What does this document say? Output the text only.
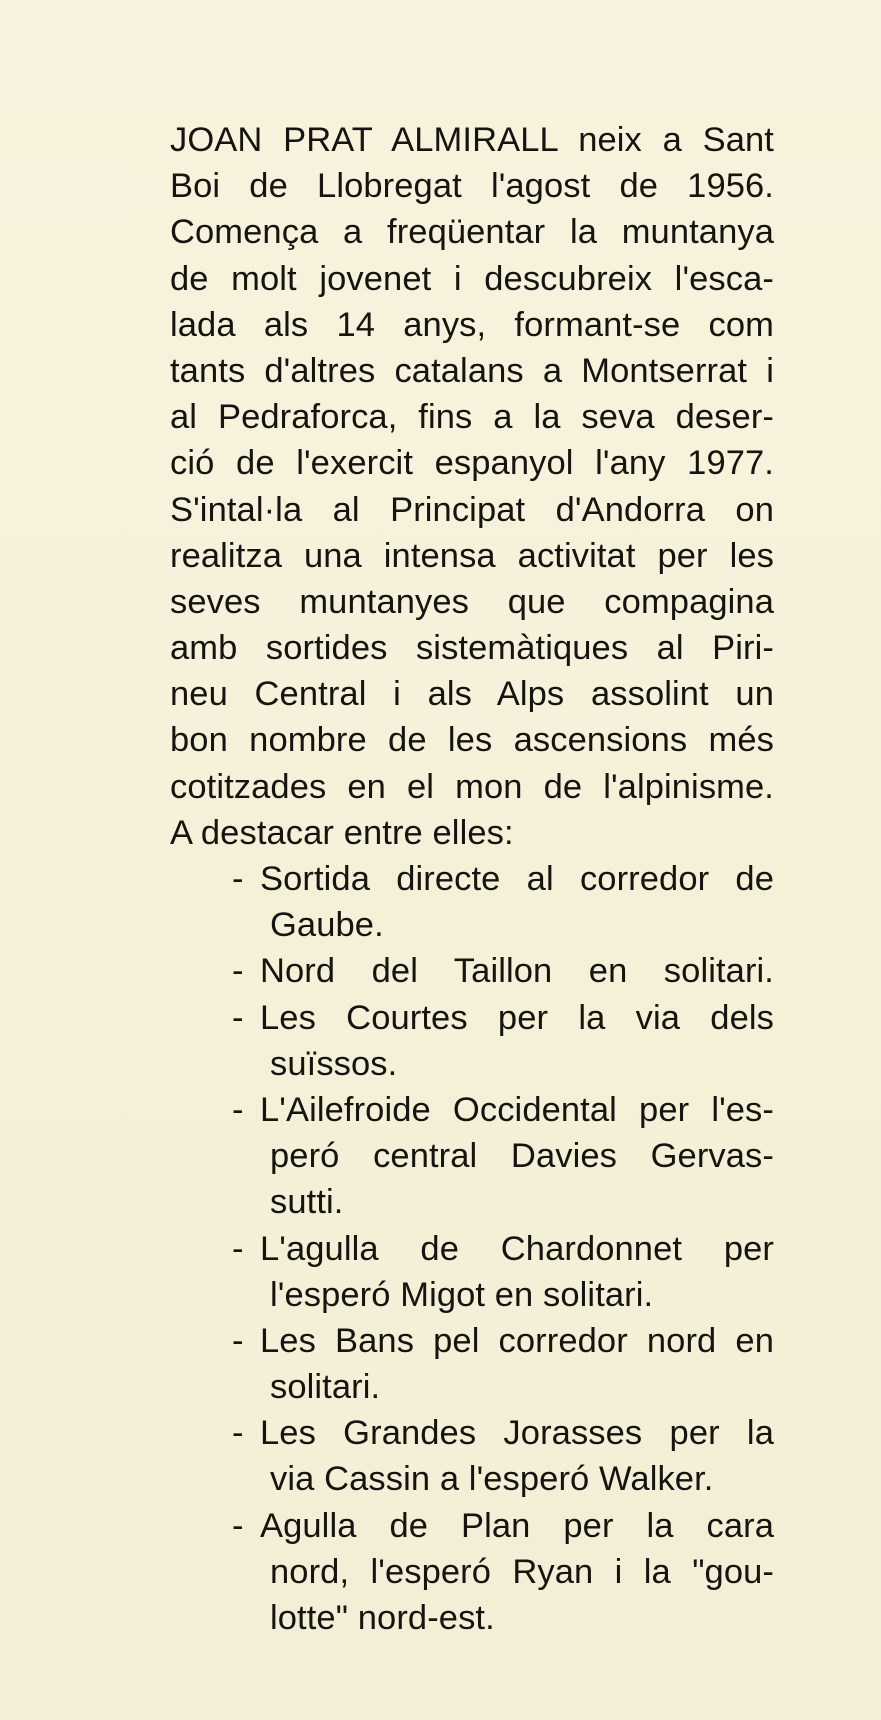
JOAN PRAT ALMIRALL neix a Sant
Boi de Llobregat l'agost de 1956.
Comença a freqüentar la muntanya
de molt jovenet i descubreix l'esca-
lada als 14 anys, formant-se com
tants d'altres catalans a Montserrat i
al Pedraforca, fins a la seva deser-
ció de l'exercit espanyol l'any 1977.
S'intal·la al Principat d'Andorra on
realitza una intensa activitat per les
seves muntanyes que compagina
amb sortides sistemàtiques al Piri-
neu Central i als Alps assolint un
bon nombre de les ascensions més
cotitzades en el mon de l'alpinisme.
A destacar entre elles:
- Sortida directe al corredor de
Gaube.
- Nord del Taillon en solitari.
- Les Courtes per la via dels
suïssos.
- L'Ailefroide Occidental per l'es-
peró central Davies Gervas-
sutti.
- L'agulla de Chardonnet per
l'esperó Migot en solitari.
- Les Bans pel corredor nord en
solitari.
- Les Grandes Jorasses per la
via Cassin a l'esperó Walker.
- Agulla de Plan per la cara
nord, l'esperó Ryan i la "gou-
lotte" nord-est.
